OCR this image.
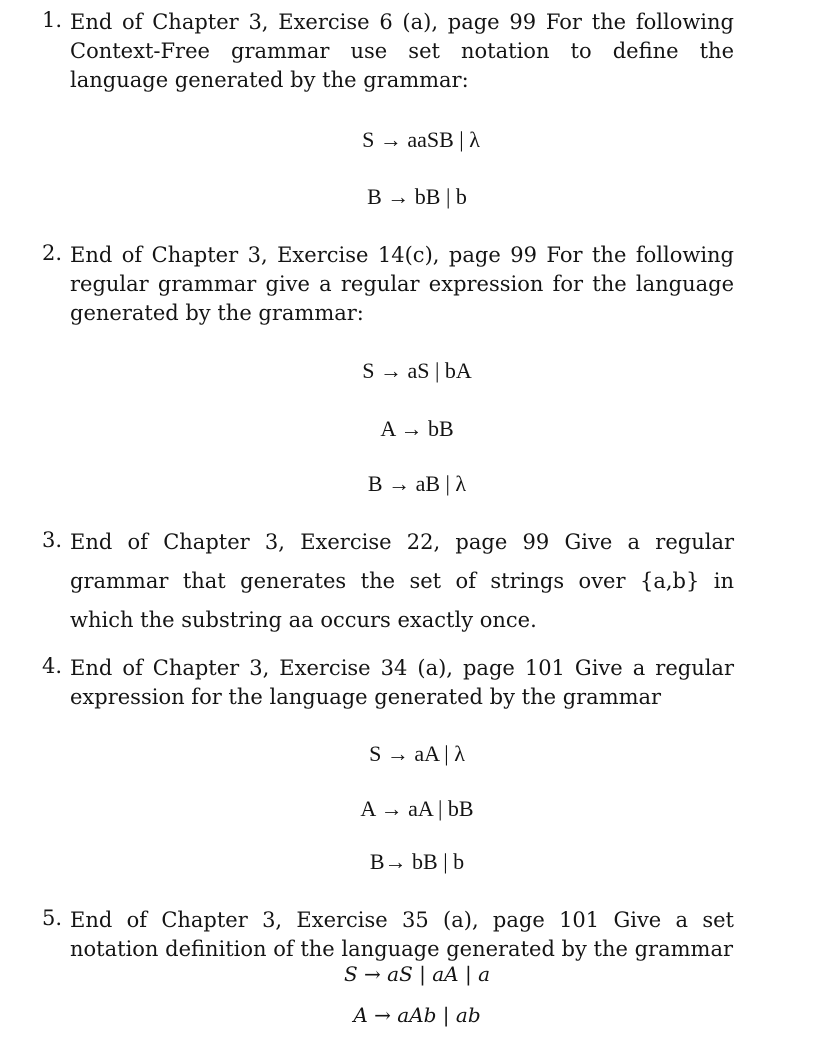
1. End of Chapter 3, Exercise 6 (a), page 99 For the following Context-Free grammar use set notation to define the language generated by the grammar:
S → aaSB | λ
B → bB | b
2. End of Chapter 3, Exercise 14(c), page 99 For the following regular grammar give a regular expression for the language generated by the grammar:
S → aS | bA
A → bB
B → aB | λ
3. End of Chapter 3, Exercise 22, page 99 Give a regular grammar that generates the set of strings over {a,b} in which the substring aa occurs exactly once.
4. End of Chapter 3, Exercise 34 (a), page 101 Give a regular expression for the language generated by the grammar
S → aA | λ
A → aA | bB
B→ bB | b
5. End of Chapter 3, Exercise 35 (a), page 101 Give a set notation definition of the language generated by the grammar
S → aS | aA | a
A → aAb | ab
